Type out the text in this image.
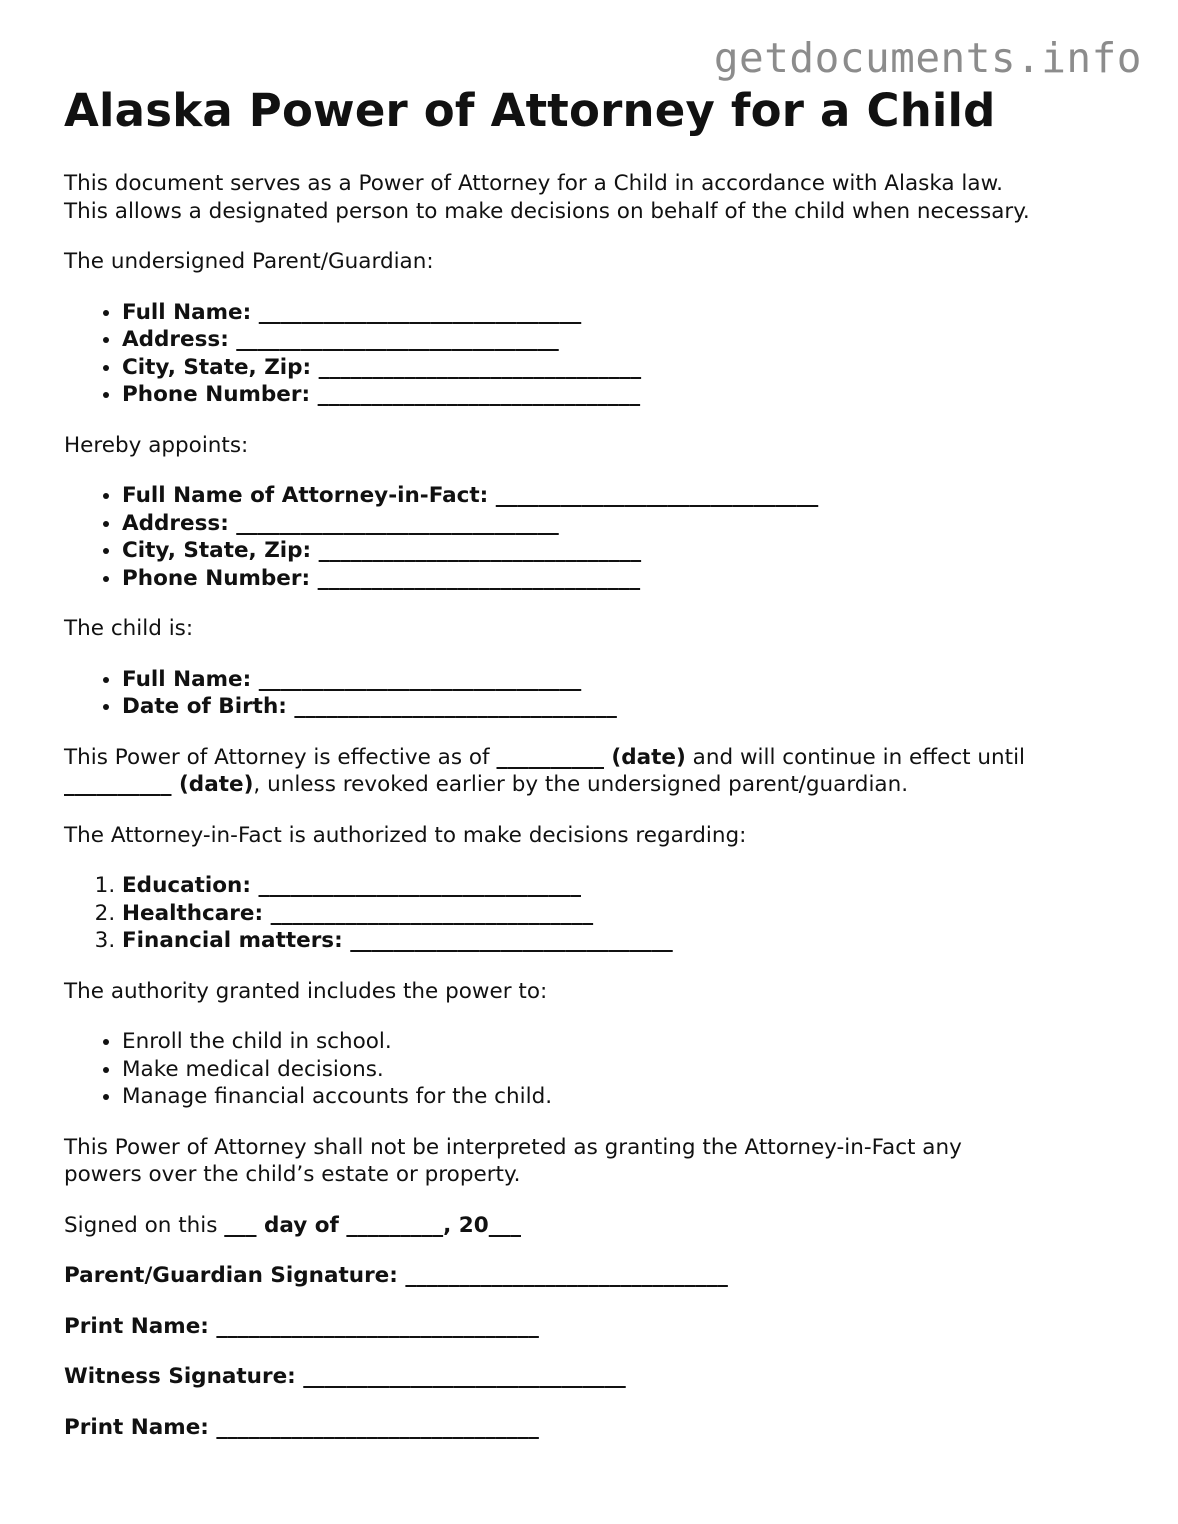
getdocuments.info
Alaska Power of Attorney for a Child

This document serves as a Power of Attorney for a Child in accordance with Alaska law.
This allows a designated person to make decisions on behalf of the child when necessary.

The undersigned Parent/Guardian:

• Full Name: ______________________________
• Address: ______________________________
• City, State, Zip: ______________________________
• Phone Number: ______________________________

Hereby appoints:

• Full Name of Attorney-in-Fact: ______________________________
• Address: ______________________________
• City, State, Zip: ______________________________
• Phone Number: ______________________________

The child is:

• Full Name: ______________________________
• Date of Birth: ______________________________

This Power of Attorney is effective as of __________ (date) and will continue in effect until
__________ (date), unless revoked earlier by the undersigned parent/guardian.

The Attorney-in-Fact is authorized to make decisions regarding:

1. Education: ______________________________
2. Healthcare: ______________________________
3. Financial matters: ______________________________

The authority granted includes the power to:

• Enroll the child in school.
• Make medical decisions.
• Manage financial accounts for the child.

This Power of Attorney shall not be interpreted as granting the Attorney-in-Fact any
powers over the child’s estate or property.

Signed on this ___ day of _________, 20___

Parent/Guardian Signature: ______________________________

Print Name: ______________________________

Witness Signature: ______________________________

Print Name: ______________________________
